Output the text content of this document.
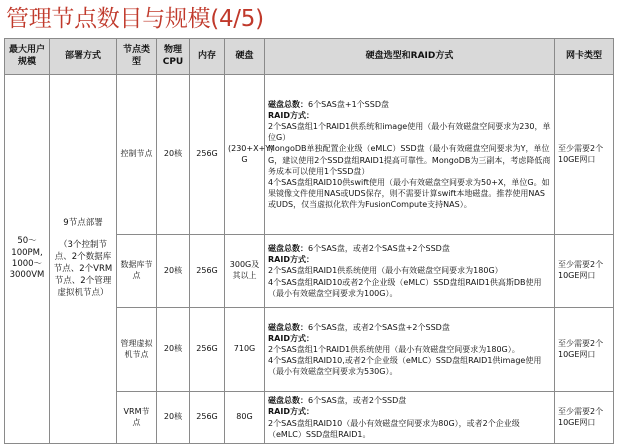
管理节点数目与规模(4/5)
最大用户规模	部署方式	节点类型	物理CPU	内存	硬盘	硬盘选型和RAID方式	网卡类型
50～100PM, 1000～3000VM	9节点部署
（3个控制节点、2个数据库节点、2个VRM节点、2个管理虚拟机节点）	控制节点	20核	256G	(230+X+Y) G	磁盘总数：6个SAS盘+1个SSD盘
RAID方式：
2个SAS盘组1个RAID1供系统和image使用（最小有效磁盘空间要求为230，单位G）
MongoDB单独配置企业级（eMLC）SSD盘（最小有效磁盘空间要求为Y，单位G，建议使用2个SSD盘组RAID1提高可靠性。MongoDB为三副本，考虑降低商务成本可以使用1个SSD盘）
4个SAS盘组RAID10供swift使用（最小有效磁盘空间要求为50+X，单位G。如果镜像文件使用NAS或UDS保存，则不需要计算swift本地磁盘。推荐使用NAS或UDS，仅当虚拟化软件为FusionCompute支持NAS）。	至少需要2个10GE网口
		数据库节点	20核	256G	300G及其以上	磁盘总数：6个SAS盘，或者2个SAS盘+2个SSD盘
RAID方式：
2个SAS盘组RAID1供系统使用（最小有效磁盘空间要求为180G）
4个SAS盘组RAID10或者2个企业级（eMLC）SSD盘组RAID1供高斯DB使用（最小有效磁盘空间要求为100G）。	至少需要2个10GE网口
		管理虚拟机节点	20核	256G	710G	磁盘总数：6个SAS盘，或者2个SAS盘+2个SSD盘
RAID方式：
2个SAS盘组1个RAID1供系统使用（最小有效磁盘空间要求为180G）。
4个SAS盘组RAID10,或者2个企业级（eMLC）SSD盘组RAID1供image使用（最小有效磁盘空间要求为530G）。	至少需要2个10GE网口
		VRM节点	20核	256G	80G	磁盘总数：6个SAS盘，或者2个SSD盘
RAID方式：
2个SAS盘组RAID10（最小有效磁盘空间要求为80G），或者2个企业级（eMLC）SSD盘组RAID1。	至少需要2个10GE网口
